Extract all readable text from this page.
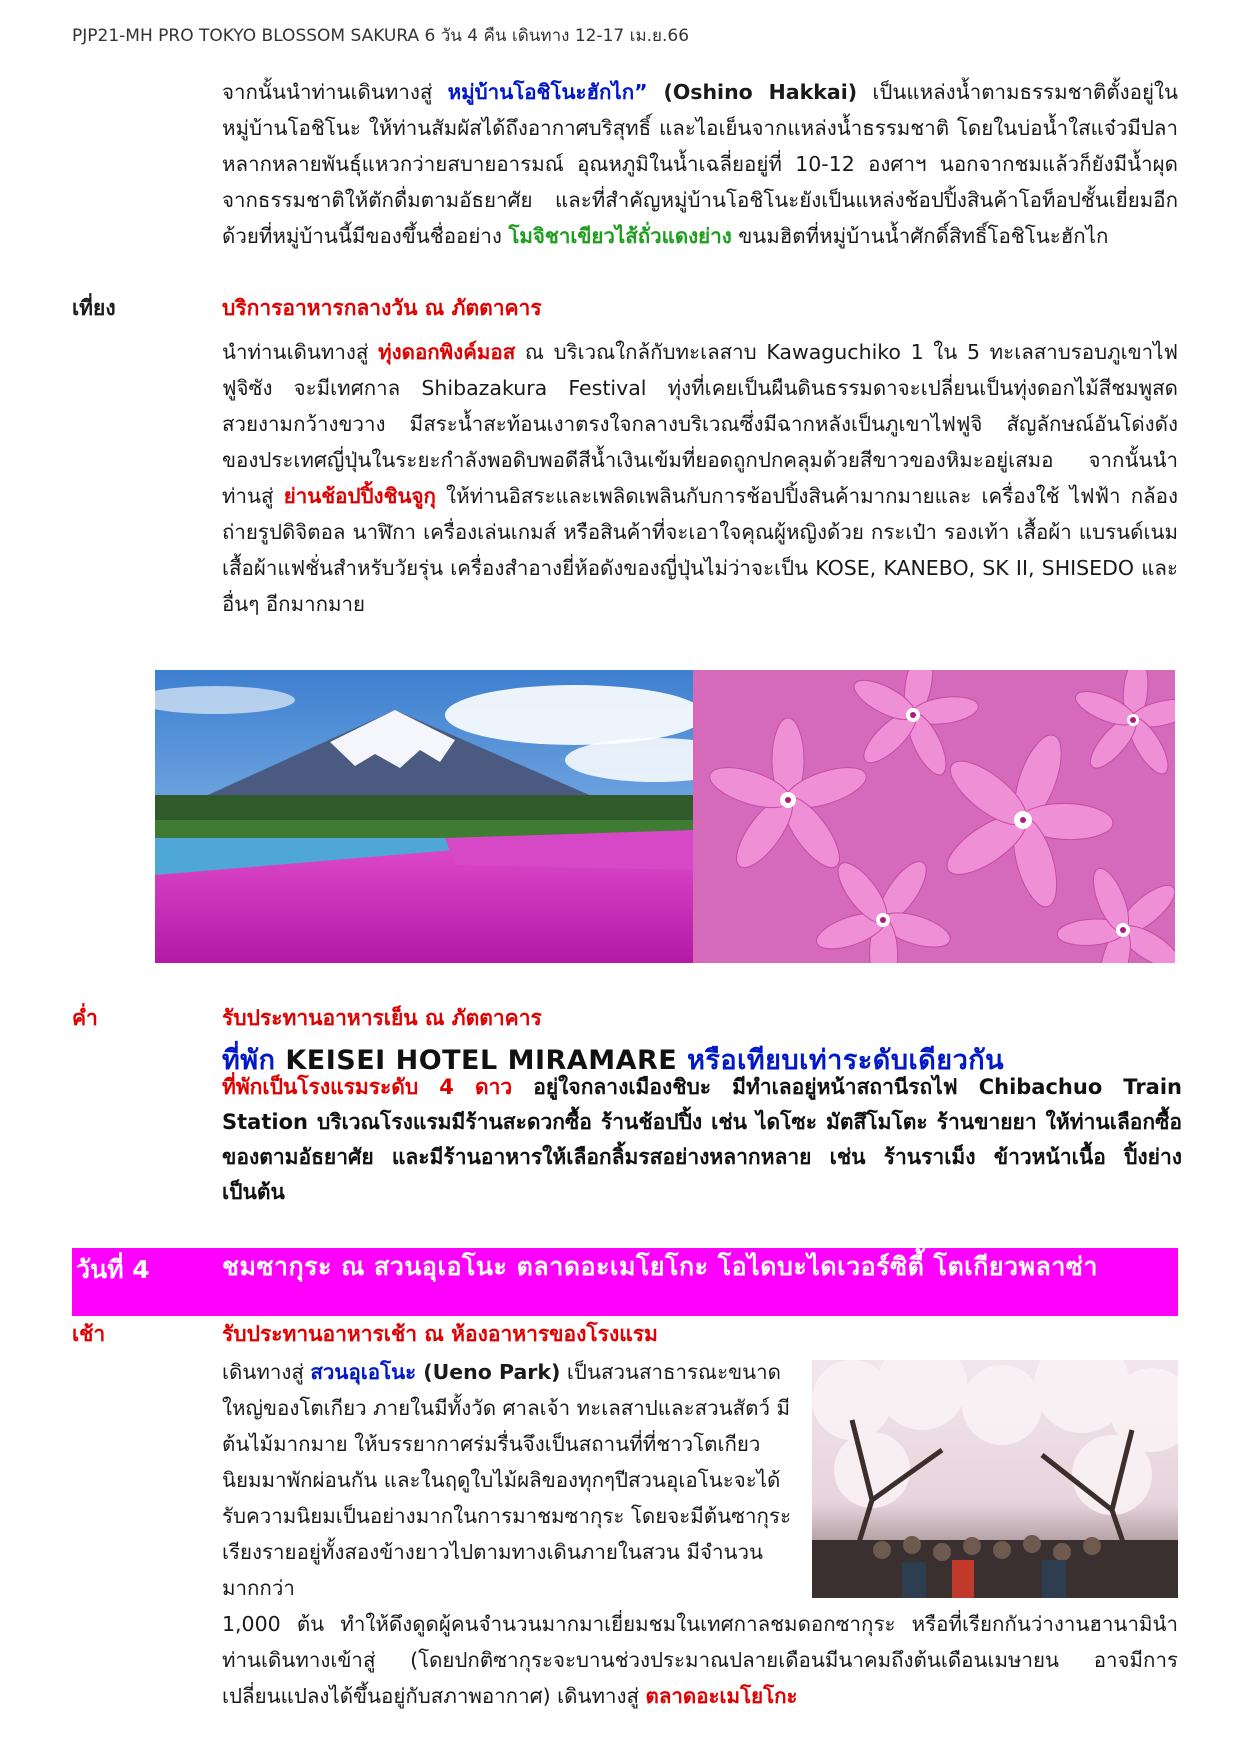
PJP21-MH PRO TOKYO BLOSSOM SAKURA 6 วัน 4 คืน เดินทาง 12-17 เม.ย.66
จากนั้นนำท่านเดินทางสู่ หมู่บ้านโอชิโนะฮักไก” (Oshino Hakkai) เป็นแหล่งน้ำตามธรรมชาติตั้งอยู่ในหมู่บ้านโอชิโนะ ให้ท่านสัมผัสได้ถึงอากาศบริสุทธิ์ และไอเย็นจากแหล่งน้ำธรรมชาติ โดยในบ่อน้ำใสแจ๋วมีปลาหลากหลายพันธุ์แหวกว่ายสบายอารมณ์ อุณหภูมิในน้ำเฉลี่ยอยู่ที่ 10-12 องศาฯ นอกจากชมแล้วก็ยังมีน้ำผุดจากธรรมชาติให้ตักดื่มตามอัธยาศัย และที่สำคัญหมู่บ้านโอชิโนะยังเป็นแหล่งช้อปปิ้งสินค้าโอท็อปชั้นเยี่ยมอีกด้วยที่หมู่บ้านนี้มีของขึ้นชื่ออย่าง โมจิชาเขียวไส้ถั่วแดงย่าง ขนมฮิตที่หมู่บ้านน้ำศักดิ์สิทธิ์โอชิโนะฮักไก
เที่ยง	บริการอาหารกลางวัน ณ ภัตตาคาร
นำท่านเดินทางสู่ ทุ่งดอกพิงค์มอส ณ บริเวณใกล้กับทะเลสาบ Kawaguchiko 1 ใน 5 ทะเลสาบรอบภูเขาไฟฟูจิซัง จะมีเทศกาล Shibazakura Festival ทุ่งที่เคยเป็นผืนดินธรรมดาจะเปลี่ยนเป็นทุ่งดอกไม้สีชมพูสดสวยงามกว้างขวาง มีสระน้ำสะท้อนเงาตรงใจกลางบริเวณซึ่งมีฉากหลังเป็นภูเขาไฟฟูจิ สัญลักษณ์อันโด่งดังของประเทศญี่ปุ่นในระยะกำลังพอดิบพอดีสีน้ำเงินเข้มที่ยอดถูกปกคลุมด้วยสีขาวของหิมะอยู่เสมอ จากนั้นนำท่านสู่ ย่านช้อปปิ้งชินจูกุ ให้ท่านอิสระและเพลิดเพลินกับการช้อปปิ้งสินค้ามากมายและ เครื่องใช้ ไฟฟ้า กล้องถ่ายรูปดิจิตอล นาฬิกา เครื่องเล่นเกมส์ หรือสินค้าที่จะเอาใจคุณผู้หญิงด้วย กระเป๋า รองเท้า เสื้อผ้า แบรนด์เนม เสื้อผ้าแฟชั่นสำหรับวัยรุ่น เครื่องสำอางยี่ห้อดังของญี่ปุ่นไม่ว่าจะเป็น KOSE, KANEBO, SK II, SHISEDO และอื่นๆ อีกมากมาย
ค่ำ	รับประทานอาหารเย็น ณ ภัตตาคาร
ที่พัก KEISEI HOTEL MIRAMARE หรือเทียบเท่าระดับเดียวกัน
ที่พักเป็นโรงแรมระดับ 4 ดาว อยู่ใจกลางเมืองชิบะ มีทำเลอยู่หน้าสถานีรถไฟ Chibachuo Train Station บริเวณโรงแรมมีร้านสะดวกซื้อ ร้านช้อปปิ้ง เช่น ไดโซะ มัตสึโมโตะ ร้านขายยา ให้ท่านเลือกซื้อของตามอัธยาศัย และมีร้านอาหารให้เลือกลิ้มรสอย่างหลากหลาย เช่น ร้านราเม็ง ข้าวหน้าเนื้อ ปิ้งย่าง เป็นต้น
วันที่ 4	ชมซากุระ ณ สวนอุเอโนะ ตลาดอะเมโยโกะ โอไดบะไดเวอร์ซิตี้ โตเกียวพลาซ่า
เช้า	รับประทานอาหารเช้า ณ ห้องอาหารของโรงแรม
เดินทางสู่ สวนอุเอโนะ (Ueno Park) เป็นสวนสาธารณะขนาดใหญ่ของโตเกียว ภายในมีทั้งวัด ศาลเจ้า ทะเลสาปและสวนสัตว์ มีต้นไม้มากมาย ให้บรรยากาศร่มรื่นจึงเป็นสถานที่ที่ชาวโตเกียวนิยมมาพักผ่อนกัน และในฤดูใบไม้ผลิของทุกๆปีสวนอุเอโนะจะได้รับความนิยมเป็นอย่างมากในการมาชมซากุระ โดยจะมีต้นซากุระเรียงรายอยู่ทั้งสองข้างยาวไปตามทางเดินภายในสวน มีจำนวนมากกว่า
1,000 ต้น ทำให้ดึงดูดผู้คนจำนวนมากมาเยี่ยมชมในเทศกาลชมดอกซากุระ หรือที่เรียกกันว่างานฮานามินำท่านเดินทางเข้าสู่ (โดยปกติซากุระจะบานช่วงประมาณปลายเดือนมีนาคมถึงต้นเดือนเมษายน อาจมีการเปลี่ยนแปลงได้ขึ้นอยู่กับสภาพอากาศ) เดินทางสู่ ตลาดอะเมโยโกะ
